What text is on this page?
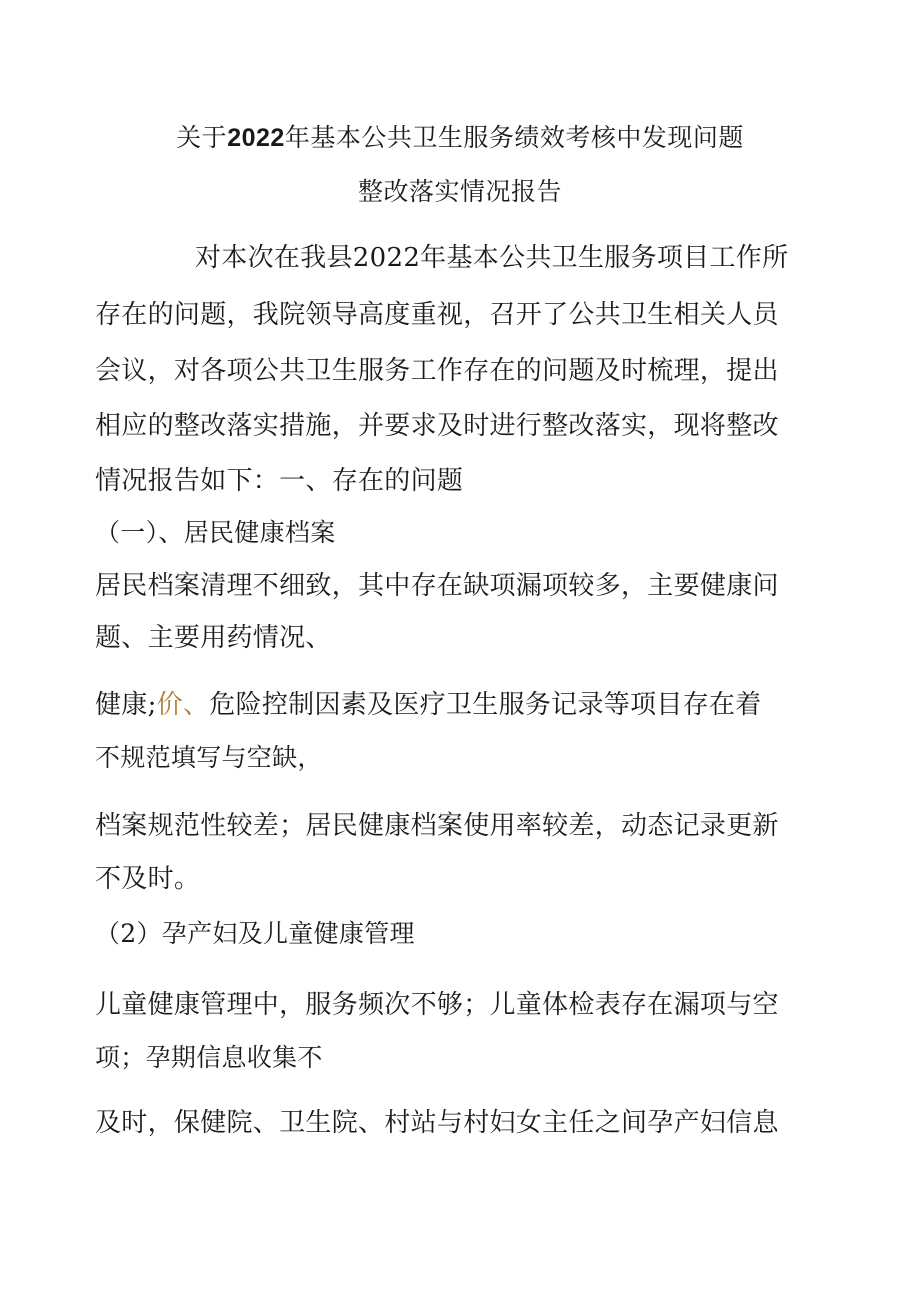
关于2022年基本公共卫生服务绩效考核中发现问题
整改落实情况报告
对本次在我县2022年基本公共卫生服务项目工作所
存在的问题，我院领导高度重视，召开了公共卫生相关人员
会议，对各项公共卫生服务工作存在的问题及时梳理，提出
相应的整改落实措施，并要求及时进行整改落实，现将整改
情况报告如下：一、存在的问题
（一）、居民健康档案
居民档案清理不细致，其中存在缺项漏项较多，主要健康问
题、主要用药情况、
健康;价、危险控制因素及医疗卫生服务记录等项目存在着
不规范填写与空缺，
档案规范性较差；居民健康档案使用率较差，动态记录更新
不及时。
（2）孕产妇及儿童健康管理
儿童健康管理中，服务频次不够；儿童体检表存在漏项与空
项；孕期信息收集不
及时，保健院、卫生院、村站与村妇女主任之间孕产妇信息
